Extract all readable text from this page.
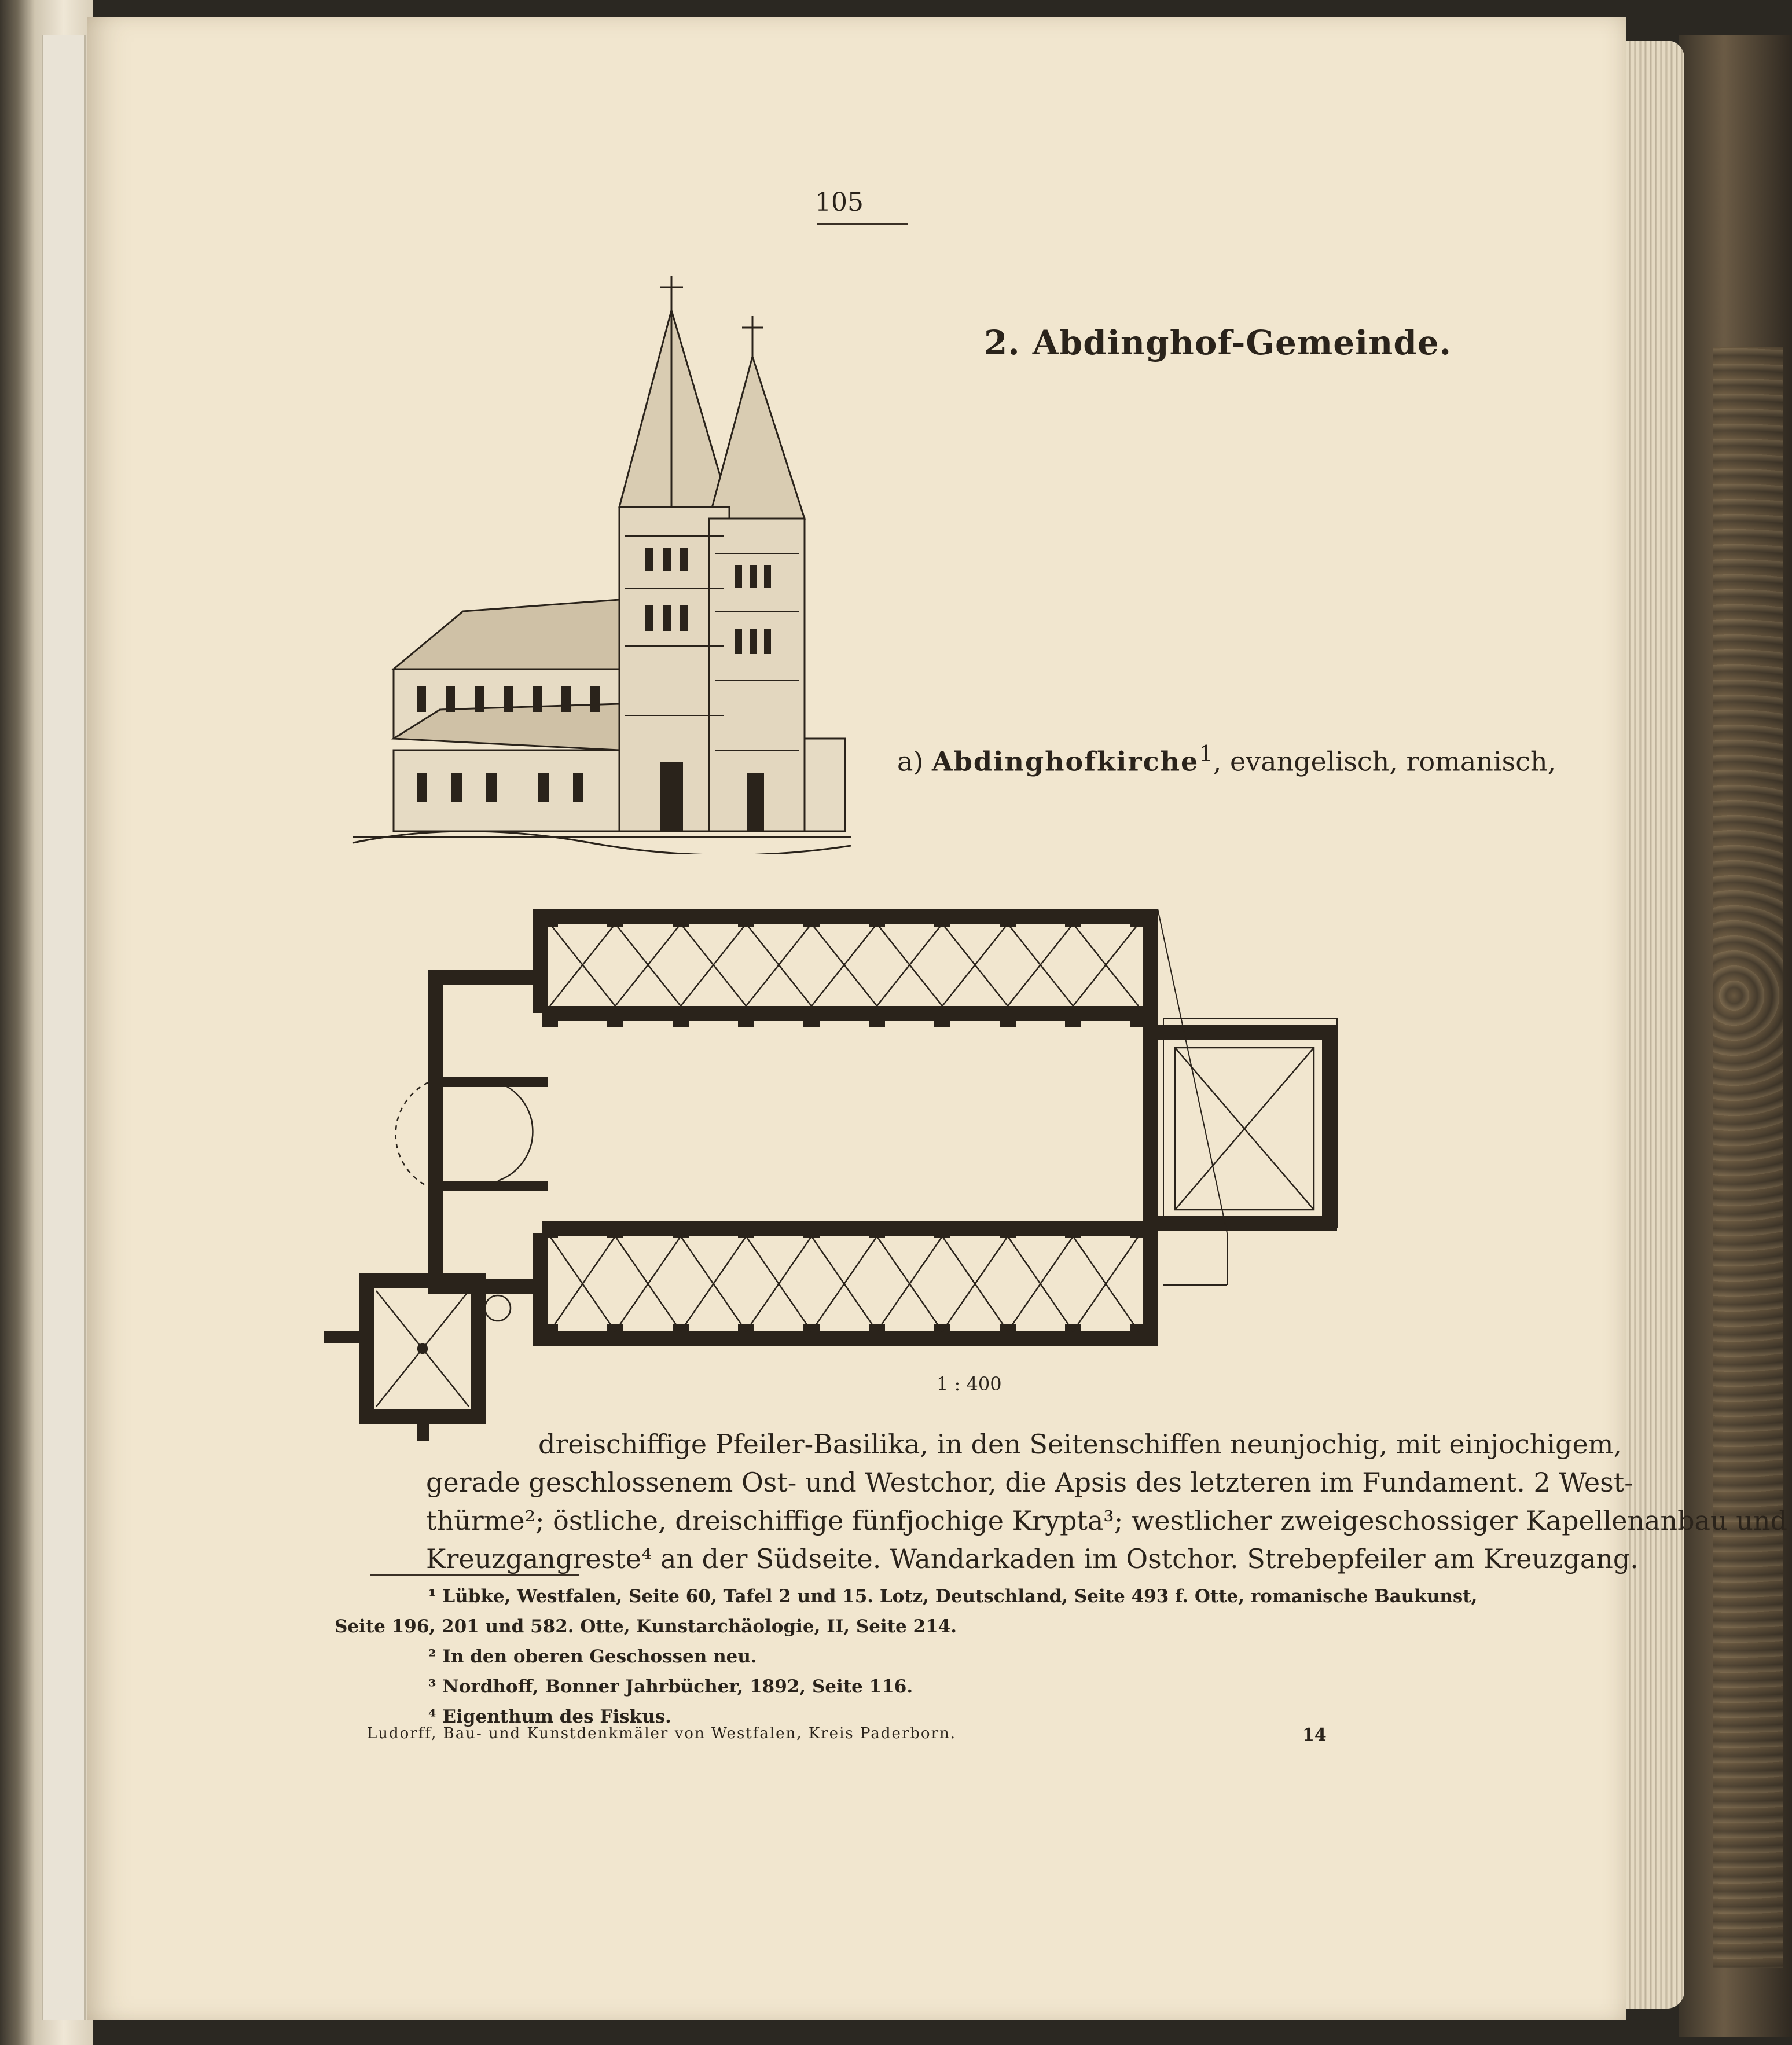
105
2. Abdinghof-Gemeinde.
a) Abdinghofkirche$^1$, evangelisch, romanisch,
1 : 400
dreischiffige Pfeiler-Basilika, in den Seitenschiffen neunjochig, mit einjochigem,
gerade geschlossenem Ost- und Westchor, die Apsis des letzteren im Fundament. 2 West-
thürme²; östliche, dreischiffige fünfjochige Krypta³; westlicher zweigeschossiger Kapellenanbau und
Kreuzgangreste⁴ an der Südseite. Wandarkaden im Ostchor. Strebepfeiler am Kreuzgang.
¹ Lübke, Westfalen, Seite 60, Tafel 2 und 15. Lotz, Deutschland, Seite 493 f. Otte, romanische Baukunst,
Seite 196, 201 und 582. Otte, Kunstarchäologie, II, Seite 214.
² In den oberen Geschossen neu.
³ Nordhoff, Bonner Jahrbücher, 1892, Seite 116.
⁴ Eigenthum des Fiskus.
Ludorff, Bau- und Kunstdenkmäler von Westfalen, Kreis Paderborn.	14
